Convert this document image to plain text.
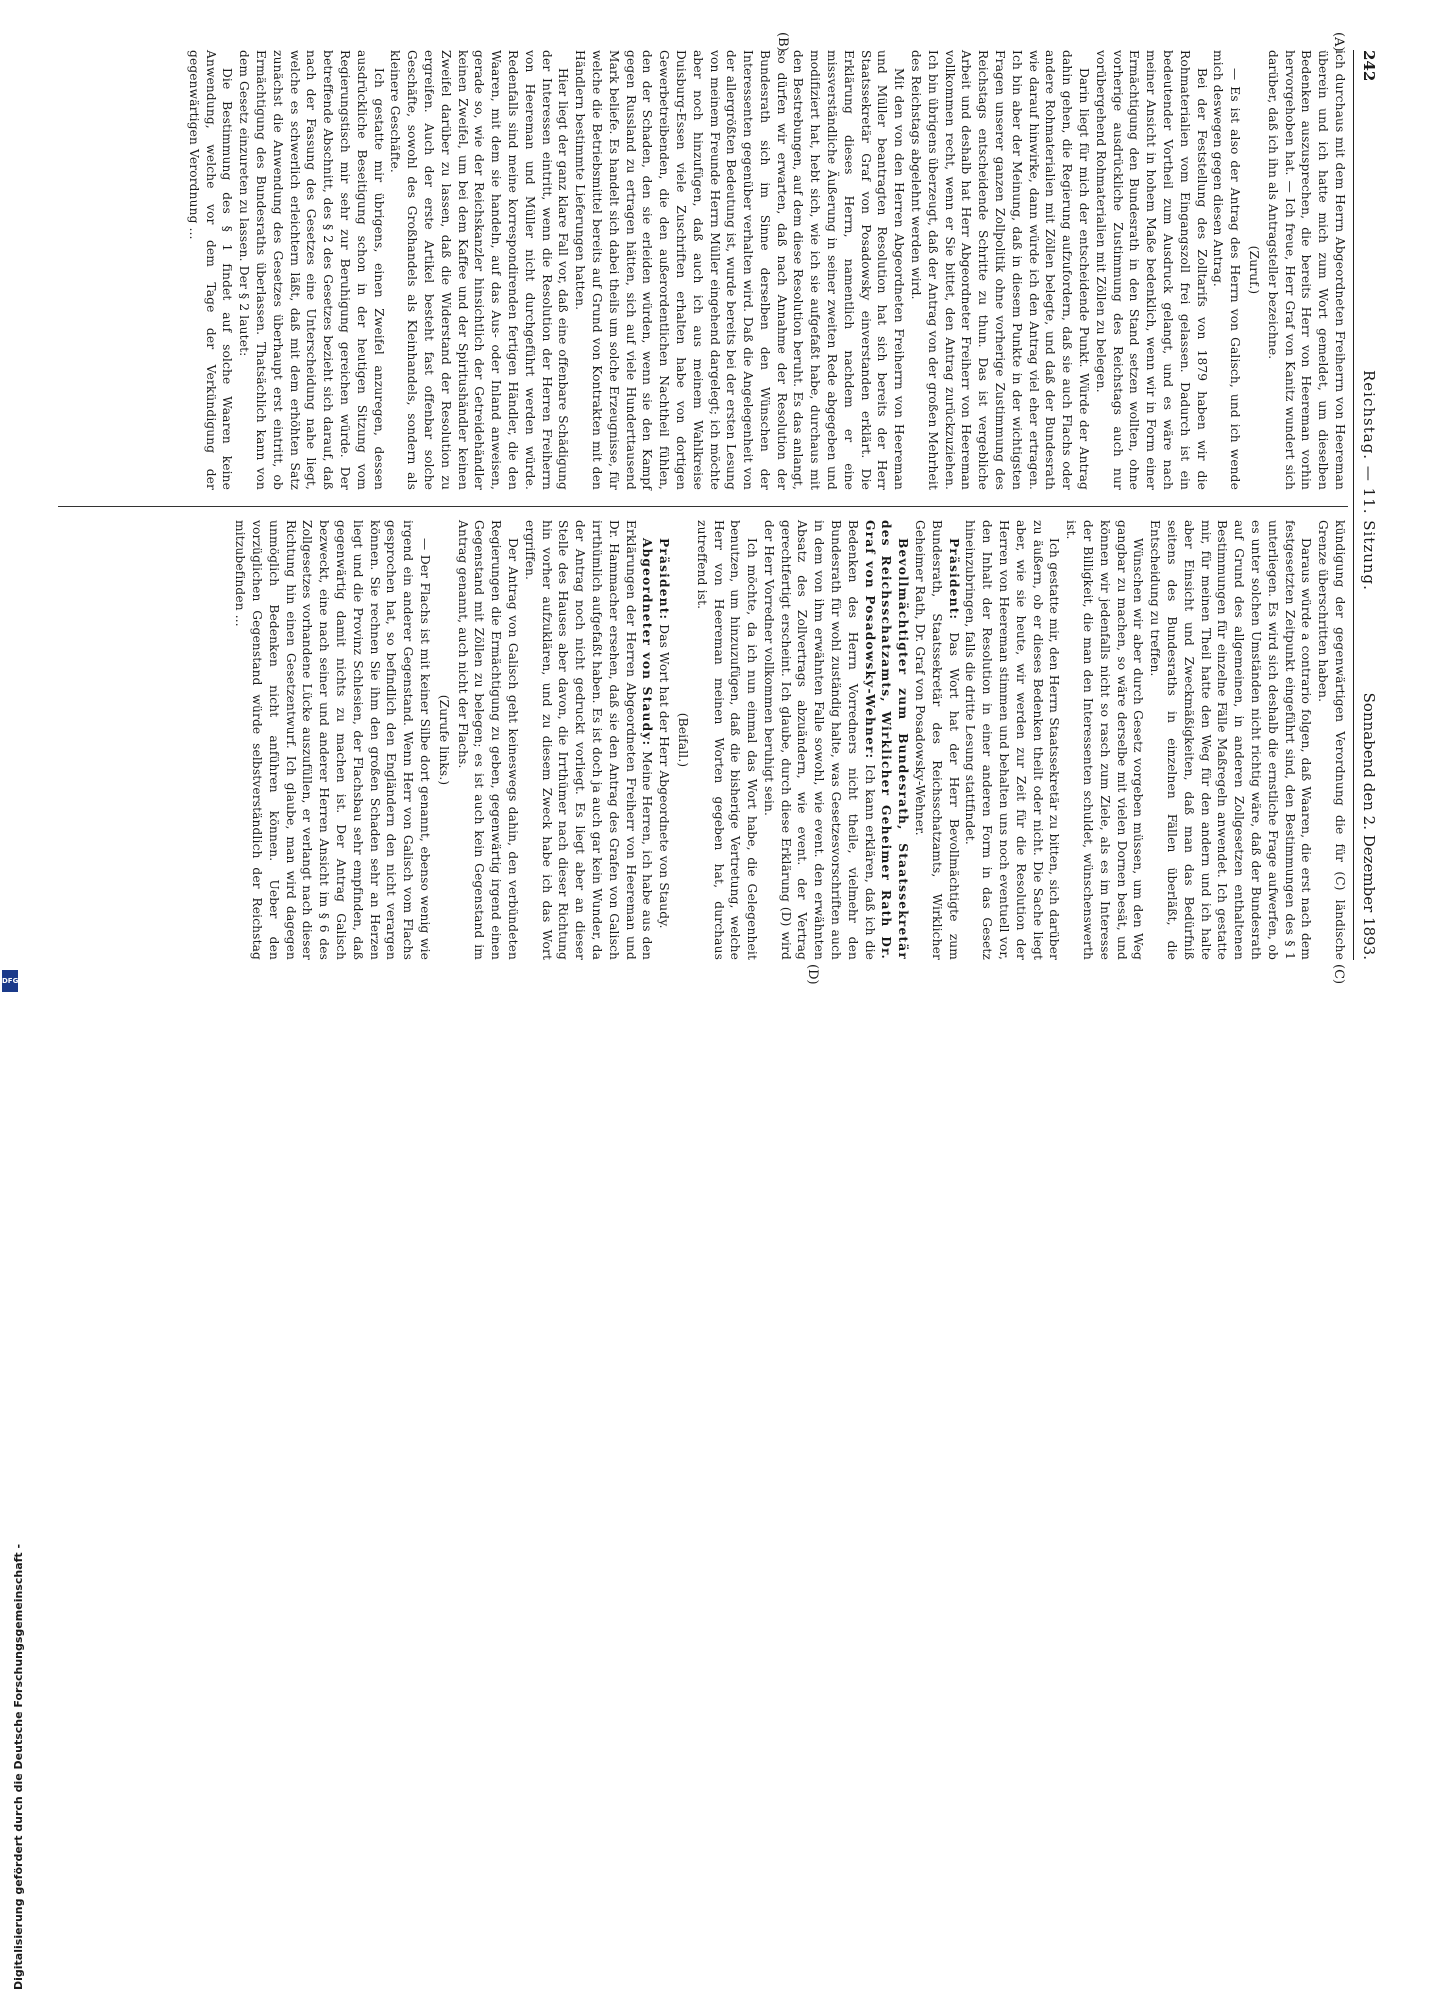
242
Reichstag. — 11. Sitzung.
Sonnabend den 2. Dezember 1893.
(A)
(B)
(C)
(D)

ich durchaus mit dem Herrn Abgeordneten Freiherrn von Heereman überein und ich hatte mich zum Wort gemeldet, um dieselben Bedenken auszusprechen, die bereits Herr von Heereman vorhin hervorgehoben hat. — Ich freue, Herr Graf von Kanitz wundert sich darüber, daß ich ihn als Antragsteller bezeichne.

(Zuruf.)

— Es ist also der Antrag des Herrn von Galisch, und ich wende mich deswegen gegen diesen Antrag.

Bei der Feststellung des Zolltarifs von 1879 haben wir die Rohmaterialien vom Eingangszoll frei gelassen. Dadurch ist ein bedeutender Vortheil zum Ausdruck gelangt, und es wäre nach meiner Ansicht in hohem Maße bedenklich, wenn wir in Form einer Ermächtigung den Bundesrath in den Stand setzen wollten, ohne vorherige ausdrückliche Zustimmung des Reichstags auch nur vorübergehend Rohmaterialien mit Zöllen zu belegen.

Darin liegt für mich der entscheidende Punkt. Würde der Antrag dahin gehen, die Regierung aufzufordern, daß sie auch Flachs oder andere Rohmaterialien mit Zöllen belegte, und daß der Bundesrath wie darauf hinwirke, dann würde ich den Antrag viel eher ertragen. Ich bin aber der Meinung, daß in diesem Punkte in der wichtigsten Fragen unserer ganzen Zollpolitik ohne vorherige Zustimmung des Reichstags entscheidende Schritte zu thun. Das ist vergebliche Arbeit und deshalb hat Herr Abgeordneter Freiherr von Heereman vollkommen recht, wenn er Sie bittet, den Antrag zurückzuziehen. Ich bin übrigens überzeugt, daß der Antrag von der großen Mehrheit des Reichstags abgelehnt werden wird.

Mit den von den Herren Abgeordneten Freiherrn von Heereman und Müller beantragten Resolution hat sich bereits der Herr Staatssekretär Graf von Posadowsky einverstanden erklärt. Die Erklärung dieses Herrn, namentlich nachdem er eine missverständliche Äußerung in seiner zweiten Rede abgegeben und modifiziert hat, hebt sich, wie ich sie aufgefaßt habe, durchaus mit den Bestrebungen, auf dem diese Resolution beruht. Es das anlangt, so dürfen wir erwarten, daß nach Annahme der Resolution der Bundesrath sich im Sinne derselben den Wünschen der Interessenten gegenüber verhalten wird. Daß die Angelegenheit von der allergrößten Bedeutung ist, wurde bereits bei der ersten Lesung von meinem Freunde Herrn Müller eingehend dargelegt; ich möchte aber noch hinzufügen, daß auch ich aus meinem Wahlkreise Duisburg-Essen viele Zuschriften erhalten habe von dortigen Gewerbetreibenden, die den außerordentlichen Nachtheil fühlen, den der Schaden, den sie erleiden würden, wenn sie den Kampf gegen Russland zu ertragen hätten, sich auf viele Hunderttausend Mark beliefe. Es handelt sich dabei theils um solche Erzeugnisse, für welche die Betriebsmittel bereits auf Grund von Kontrakten mit den Händlern bestimmte Lieferungen hatten.

Hier liegt der ganz klare Fall vor, daß eine offenbare Schädigung der Interessen eintritt, wenn die Resolution der Herren Freiherrn von Heereman und Müller nicht durchgeführt werden würde. Redenfalls sind meine korrespondirenden fertigen Händler, die den Waaren, mit dem sie handeln, auf das Aus- oder Inland anweisen, gerade so, wie der Reichskanzler hinsichtlich der Getreidehändler keinen Zweifel, um bei dem Kaffee und der Spiritushändler keinen Zweifel darüber zu lassen, daß die Widerstand der Resolution zu ergreifen. Auch der erste Artikel besteht fast offenbar solche Geschäfte, sowohl des Großhandels als Kleinhandels, sondern als kleinere Geschäfte.

Ich gestatte mir übrigens, einen Zweifel anzuregen, dessen ausdrückliche Beseitigung schon in der heutigen Sitzung vom Regierungstisch mir sehr zur Beruhigung gereichen würde. Der betreffende Abschnitt, des § 2 des Gesetzes bezieht sich darauf, daß nach der Fassung des Gesetzes eine Unterscheidung nahe liegt, welche es schwerlich erleichtern läßt, daß mit dem erhöhten Satz zunächst die Anwendung des Gesetzes überhaupt erst eintritt, ob Ermächtigung des Bundesraths überlassen. Thatsächlich kann von dem Gesetz einzureten zu lassen. Der § 2 lautet:

Die Bestimmung des § 1 findet auf solche Waaren keine Anwendung, welche vor dem Tage der Verkündigung der gegenwärtigen Verordnung ...

kündigung der gegenwärtigen Verordnung die für (C) ländische Grenze überschritten haben.

Daraus würde a contrario folgen, daß Waaren, die erst nach dem festgesetzten Zeitpunkt eingeführt sind, den Bestimmungen des § 1 unterliegen. Es wird sich deshalb die ernstliche Frage aufwerfen, ob es unter solchen Umständen nicht richtig wäre, daß der Bundesrath auf Grund des allgemeinen, in anderen Zollgesetzen enthaltenen Bestimmungen für einzelne Fälle Maßregeln anwendet. Ich gestatte mir, für meinen Theil hatte den Weg für den andern und ich halte aber Einsicht und Zweckmäßigkeiten, daß man das Bedürfniß seitens des Bundesraths in einzelnen Fällen überläßt, die Entscheidung zu treffen.

Wünschen wir aber durch Gesetz vorgeben müssen, um den Weg gangbar zu machen, so wäre derselbe mit vielen Dornen besät, und können wir jedenfalls nicht so rasch zum Ziele, als es im Interesse der Billigkeit, die man den Interessenten schuldet, wünschenswerth ist.

Ich gestatte mir, den Herrn Staatssekretär zu bitten, sich darüber zu äußern, ob er dieses Bedenken theilt oder nicht. Die Sache liegt aber, wie sie heute, wir werden zur Zeit für die Resolution der Herren von Heereman stimmen und behalten uns noch eventuell vor, den Inhalt der Resolution in einer anderen Form in das Gesetz hineinzubringen, falls die dritte Lesung stattfindet.

Präsident: Das Wort hat der Herr Bevollmächtigte zum Bundesrath, Staatssekretär des Reichsschatzamts, Wirklicher Geheimer Rath, Dr. Graf von Posadowsky-Wehner.

Bevollmächtigter zum Bundesrath, Staatssekretär des Reichsschatzamts, Wirklicher Geheimer Rath Dr. Graf von Posadowsky-Wehner: Ich kann erklären, daß ich die Bedenken des Herrn Vorredners nicht theile, vielmehr den Bundesrath für wohl zuständig halte, was Gesetzesvorschriften auch in dem von ihm erwähnten Falle sowohl, wie event. den erwähnten Absatz des Zollvertrags abzuändern, wie event. der Vertrag gerechtfertigt erscheint. Ich glaube, durch diese Erklärung (D) wird der Herr Vorredner vollkommen beruhigt sein.

Ich möchte, da ich nun einmal das Wort habe, die Gelegenheit benutzen, um hinzuzufügen, daß die bisherige Vertretung, welche Herr von Heereman meinen Worten gegeben hat, durchaus zutreffend ist.

(Beifall.)

Präsident: Das Wort hat der Herr Abgeordnete von Staudy.

Abgeordneter von Staudy: Meine Herren, ich habe aus den Erklärungen der Herren Abgeordneten Freiherr von Heereman und Dr. Hammacher ersehen, daß sie den Antrag des Grafen von Galisch irrthümlich aufgefaßt haben. Es ist doch ja auch gar kein Wunder, da der Antrag noch nicht gedruckt vorliegt. Es liegt aber an dieser Stelle des Hauses aber davon, die Irrthümer nach dieser Richtung hin vorher aufzuklären, und zu diesem Zweck habe ich das Wort ergriffen.

Der Antrag von Galisch geht keineswegs dahin, den verbündeten Regierungen die Ermächtigung zu geben, gegenwärtig irgend einen Gegenstand mit Zöllen zu belegen; es ist auch kein Gegenstand im Antrag genannt, auch nicht der Flachs.

(Zurufe links.)

— Der Flachs ist mit keiner Silbe dort genannt, ebenso wenig wie irgend ein anderer Gegenstand. Wenn Herr von Galisch vom Flachs gesprochen hat, so befindlich den Engländern den nicht verargen können. Sie rechnen Sie ihm den großen Schaden sehr an Herzen liegt und die Provinz Schlesien, der Flachsbau sehr empfinden, daß gegenwärtig damit nichts zu machen ist. Der Antrag Galisch bezweckt, eine nach seiner und anderer Herren Ansicht im § 6 des Zollgesetzes vorhandene Lücke auszufüllen, er verlangt nach dieser Richtung hin einen Gesetzentwurf. Ich glaube, man wird dagegen unmöglich Bedenken nicht anführen können. Ueber den vorzüglichen Gegenstand würde selbstverständlich der Reichstag mitzubefinden ...

Digitalisierung gefördert durch die Deutsche Forschungsgemeinschaft -
DFG
